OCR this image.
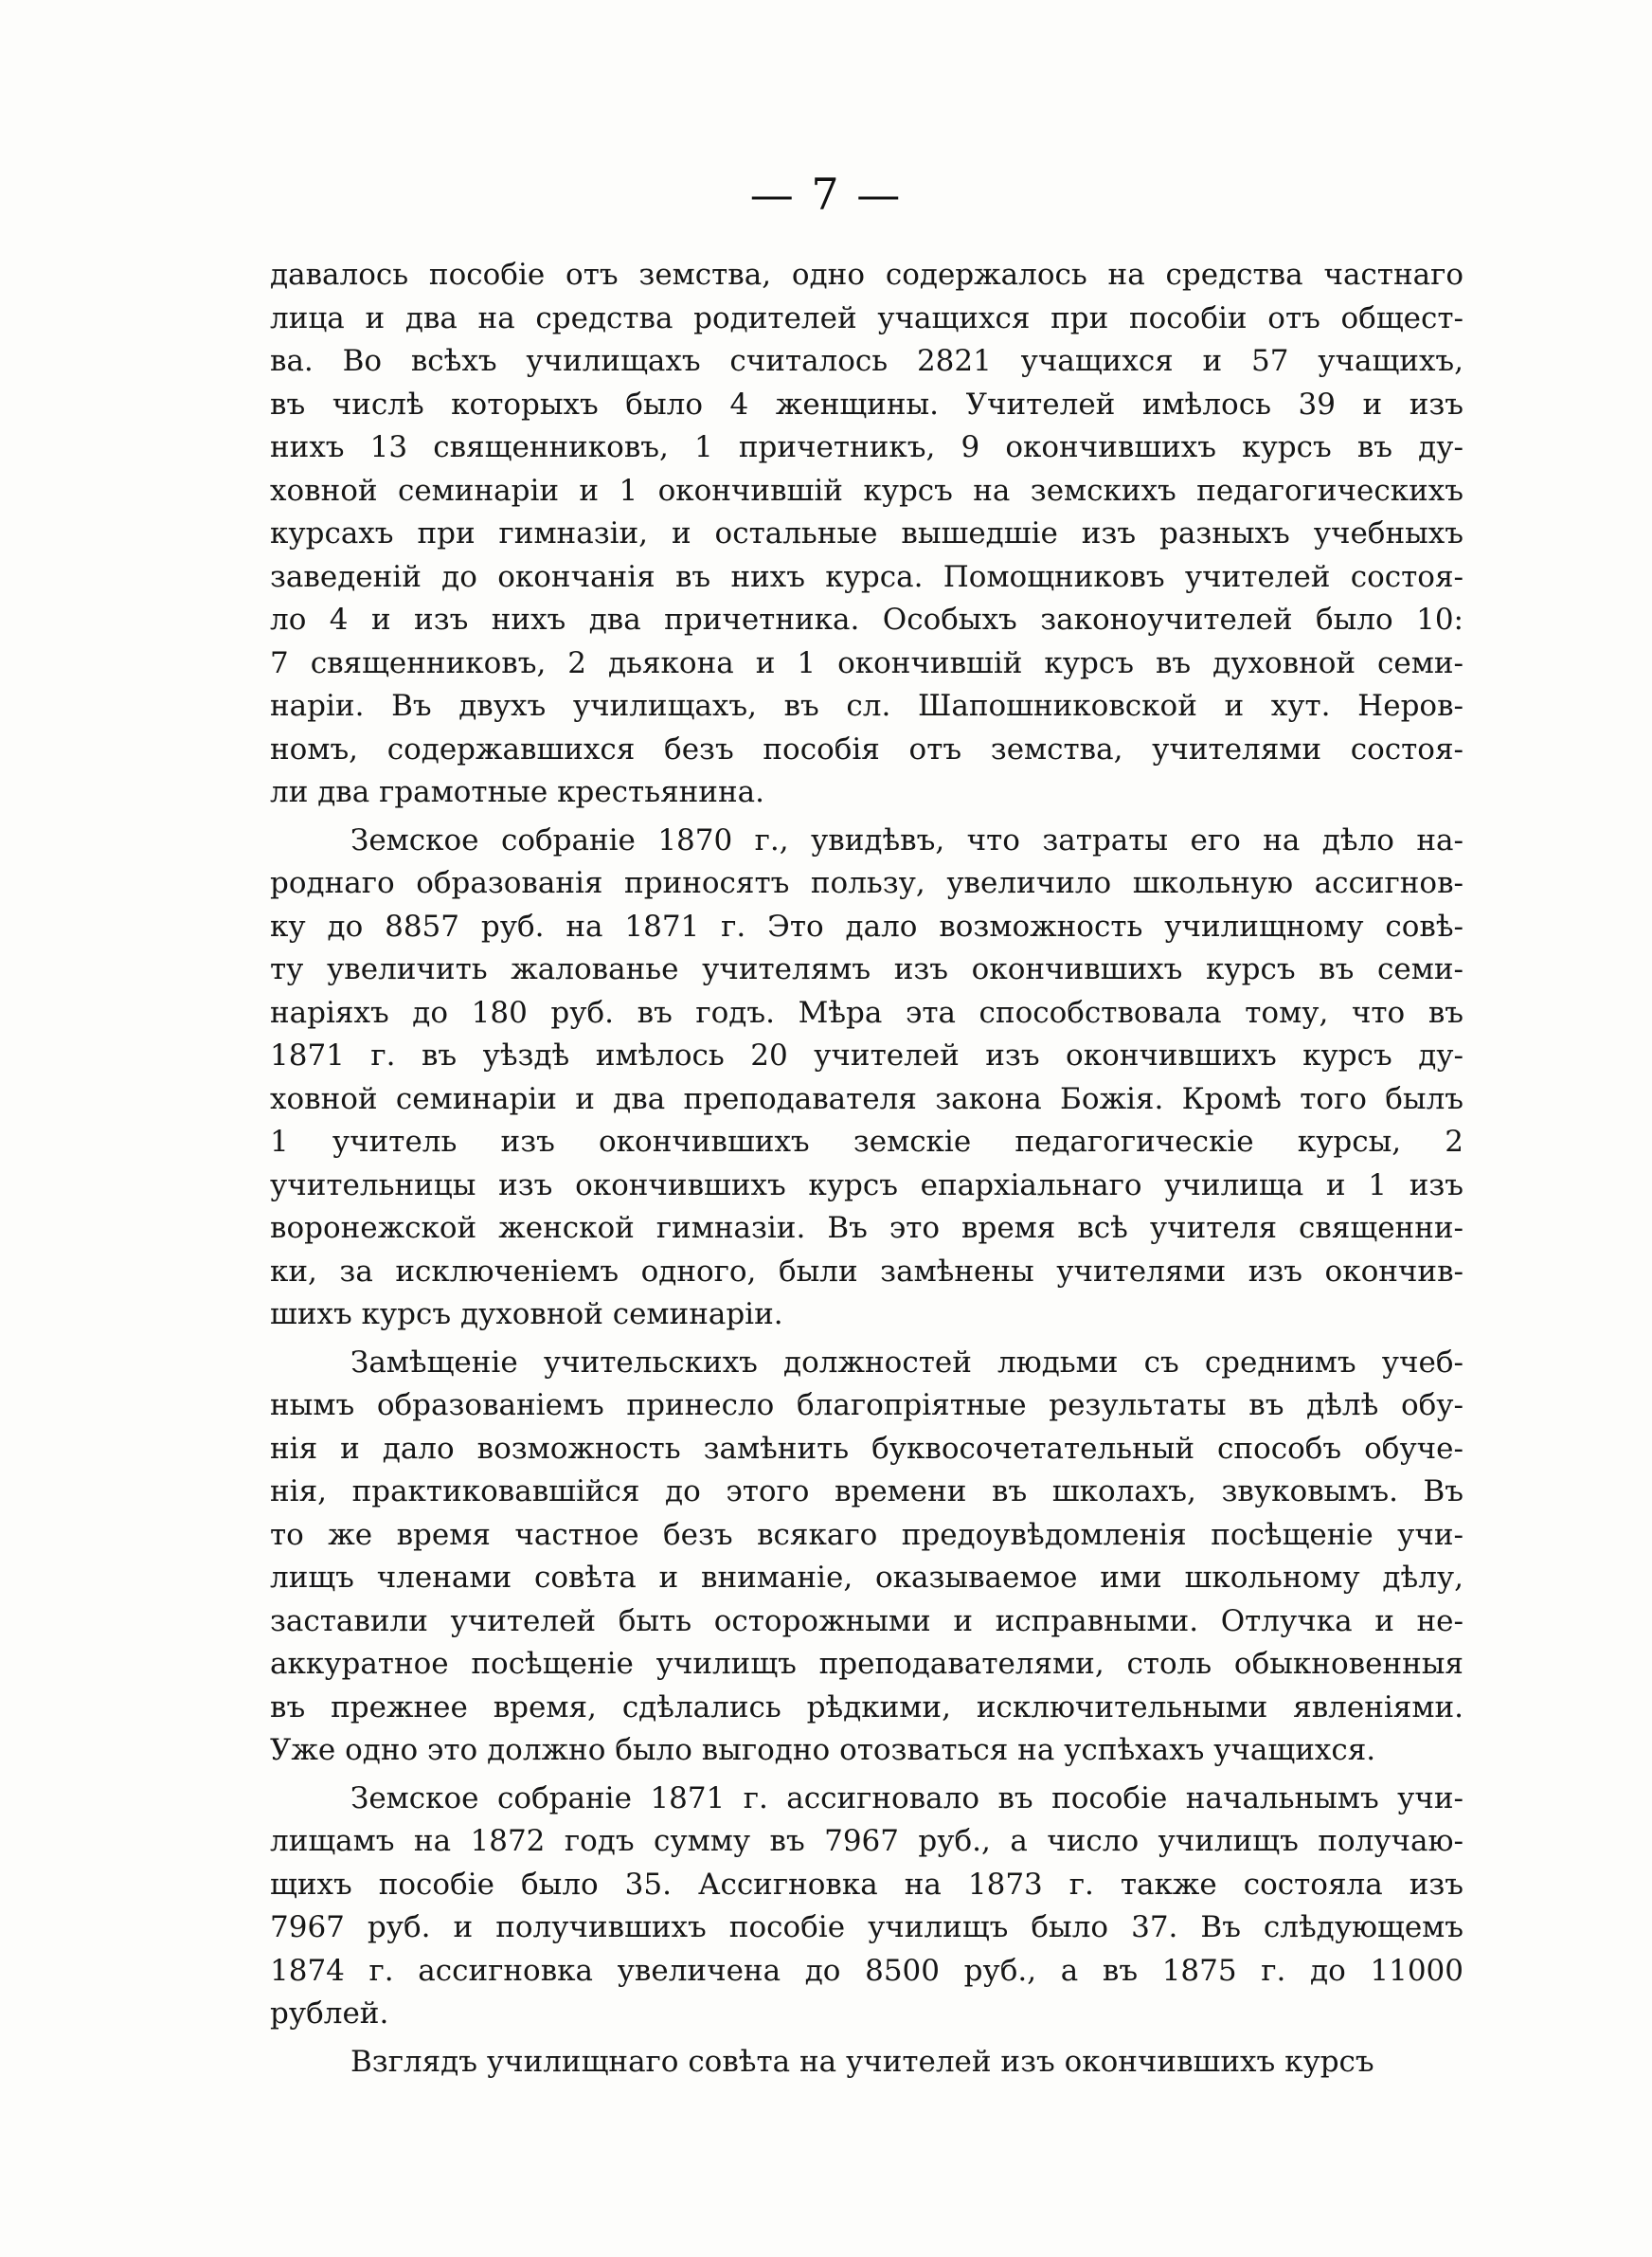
— 7 —
давалось пособіе отъ земства, одно содержалось на средства частнаго
лица и два на средства родителей учащихся при пособіи отъ общест-
ва. Во всѣхъ училищахъ считалось 2821 учащихся и 57 учащихъ,
въ числѣ которыхъ было 4 женщины. Учителей имѣлось 39 и изъ
нихъ 13 священниковъ, 1 причетникъ, 9 окончившихъ курсъ въ ду-
ховной семинаріи и 1 окончившій курсъ на земскихъ педагогическихъ
курсахъ при гимназіи, и остальные вышедшіе изъ разныхъ учебныхъ
заведеній до окончанія въ нихъ курса. Помощниковъ учителей состоя-
ло 4 и изъ нихъ два причетника. Особыхъ законоучителей было 10:
7 священниковъ, 2 дьякона и 1 окончившій курсъ въ духовной семи-
наріи. Въ двухъ училищахъ, въ сл. Шапошниковской и хут. Неров-
номъ, содержавшихся безъ пособія отъ земства, учителями состоя-
ли два грамотные крестьянина.
Земское собраніе 1870 г., увидѣвъ, что затраты его на дѣло на-
роднаго образованія приносятъ пользу, увеличило школьную ассигнов-
ку до 8857 руб. на 1871 г. Это дало возможность училищному совѣ-
ту увеличить жалованье учителямъ изъ окончившихъ курсъ въ семи-
наріяхъ до 180 руб. въ годъ. Мѣра эта способствовала тому, что въ
1871 г. въ уѣздѣ имѣлось 20 учителей изъ окончившихъ курсъ ду-
ховной семинаріи и два преподавателя закона Божія. Кромѣ того былъ
1 учитель изъ окончившихъ земскіе педагогическіе курсы, 2
учительницы изъ окончившихъ курсъ епархіальнаго училища и 1 изъ
воронежской женской гимназіи. Въ это время всѣ учителя священни-
ки, за исключеніемъ одного, были замѣнены учителями изъ окончив-
шихъ курсъ духовной семинаріи.
Замѣщеніе учительскихъ должностей людьми съ среднимъ учеб-
нымъ образованіемъ принесло благопріятные результаты въ дѣлѣ обу-
нія и дало возможность замѣнить буквосочетательный способъ обуче-
нія, практиковавшійся до этого времени въ школахъ, звуковымъ. Въ
то же время частное безъ всякаго предоувѣдомленія посѣщеніе учи-
лищъ членами совѣта и вниманіе, оказываемое ими школьному дѣлу,
заставили учителей быть осторожными и исправными. Отлучка и не-
аккуратное посѣщеніе училищъ преподавателями, столь обыкновенныя
въ прежнее время, сдѣлались рѣдкими, исключительными явленіями.
Уже одно это должно было выгодно отозваться на успѣхахъ учащихся.
Земское собраніе 1871 г. ассигновало въ пособіе начальнымъ учи-
лищамъ на 1872 годъ сумму въ 7967 руб., а число училищъ получаю-
щихъ пособіе было 35. Ассигновка на 1873 г. также состояла изъ
7967 руб. и получившихъ пособіе училищъ было 37. Въ слѣдующемъ
1874 г. ассигновка увеличена до 8500 руб., а въ 1875 г. до 11000
рублей.
Взглядъ училищнаго совѣта на учителей изъ окончившихъ курсъ
